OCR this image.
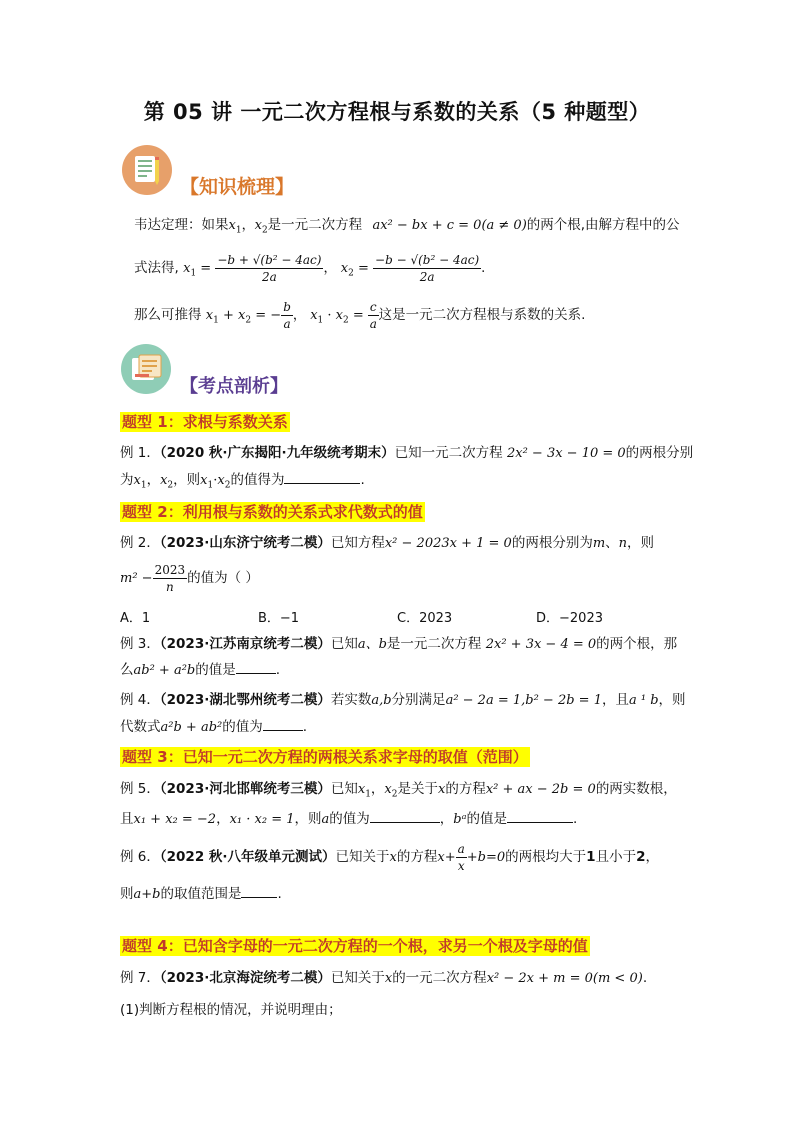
第 05 讲 一元二次方程根与系数的关系（5 种题型）
【知识梳理】
韦达定理：如果$x_1$，$x_2$是一元二次方程 ax² − bx + c = 0(a ≠ 0)的两个根,由解方程中的公
式法得, $x_1 = \frac{\text{−b + √(b² − 4ac)}}{2a}$ ， $x_2 = \frac{\text{−b − √(b² − 4ac)}}{2a}$ .
那么可推得 $x_1 + x_2$ = − $\frac{b}{a}$ ， $x_1 \cdot x_2 = \frac{c}{a}$ 这是一元二次方程根与系数的关系.
【考点剖析】
题型 1：求根与系数关系
例 1．（2020 秋·广东揭阳·九年级统考期末）已知一元二次方程 2x² − 3x − 10 = 0的两根分别
为$x_1$，$x_2$，则$x_1\cdot x_2$的值得为	.
题型 2：利用根与系数的关系式求代数式的值
例 2．（2023·山东济宁统考二模）已知方程x² − 2023x + 1 = 0的两根分别为m、n，则
$m^2 - \frac{2023}{n}$ 的值为（ ）
A．1	B．−1	C．2023	D．−2023
例 3．（2023·江苏南京统考二模）已知a、b是一元二次方程 2x² + 3x − 4 = 0的两个根，那
么ab² + a²b的值是	.
例 4．（2023·湖北鄂州统考二模）若实数a,b分别满足a² − 2a = 1,b² − 2b = 1，且a ¹ b，则
代数式a²b + ab²的值为	.
题型 3：已知一元二次方程的两根关系求字母的取值（范围）
例 5．（2023·河北邯郸统考三模）已知$x_1$，$x_2$是关于x的方程x² + ax − 2b = 0的两实数根，
且x₁ + x₂ = −2，x₁ · x₂ = 1，则a的值为	，bᵃ的值是	.
例 6．（2022 秋·八年级单元测试）已知关于x的方程$x+ \frac{a}{x} +b=0$的两根均大于1且小于2，
则a+b的取值范围是	.
题型 4：已知含字母的一元二次方程的一个根，求另一个根及字母的值
例 7．（2023·北京海淀统考二模）已知关于x的一元二次方程x² − 2x + m = 0(m < 0).
(1)判断方程根的情况，并说明理由；
